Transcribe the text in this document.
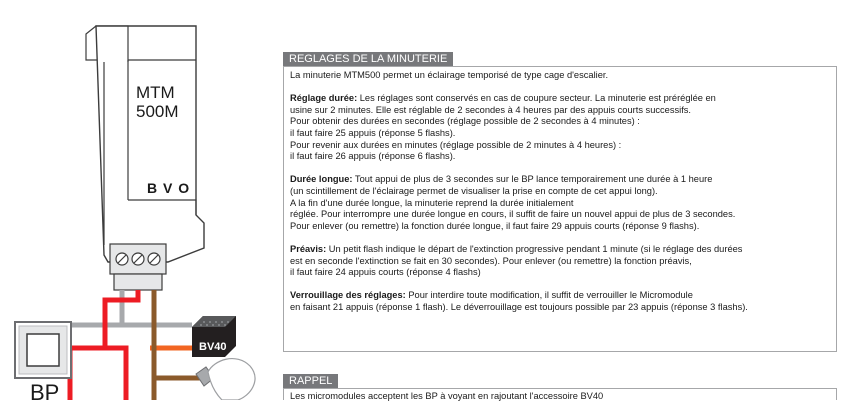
MTM
500M
B V O
BV40
BP
REGLAGES DE LA MINUTERIE

La minuterie MTM500 permet un éclairage temporisé de type cage d'escalier.

Réglage durée: Les réglages sont conservés en cas de coupure secteur. La minuterie est préréglée en
usine sur 2 minutes. Elle est réglable de 2 secondes à 4 heures par des appuis courts successifs.
Pour obtenir des durées en secondes (réglage possible de 2 secondes à 4 minutes) :
il faut faire 25 appuis (réponse 5 flashs).
Pour revenir aux durées en minutes (réglage possible de 2 minutes à 4 heures) :
il faut faire 26 appuis (réponse 6 flashs).

Durée longue: Tout appui de plus de 3 secondes sur le BP lance temporairement une durée à 1 heure
(un scintillement de l'éclairage permet de visualiser la prise en compte de cet appui long).
A la fin d'une durée longue, la minuterie reprend la durée initialement
réglée. Pour interrompre une durée longue en cours, il suffit de faire un nouvel appui de plus de 3 secondes.
Pour enlever (ou remettre) la fonction durée longue, il faut faire 29 appuis courts (réponse 9 flashs).

Préavis: Un petit flash indique le départ de l'extinction progressive pendant 1 minute (si le réglage des durées
est en seconde l'extinction se fait en 30 secondes). Pour enlever (ou remettre) la fonction préavis,
il faut faire 24 appuis courts (réponse 4 flashs)

Verrouillage des réglages: Pour interdire toute modification, il suffit de verrouiller le Micromodule
en faisant 21 appuis (réponse 1 flash). Le déverrouillage est toujours possible par 23 appuis (réponse 3 flashs).

RAPPEL

Les micromodules acceptent les BP à voyant en rajoutant l'accessoire BV40
